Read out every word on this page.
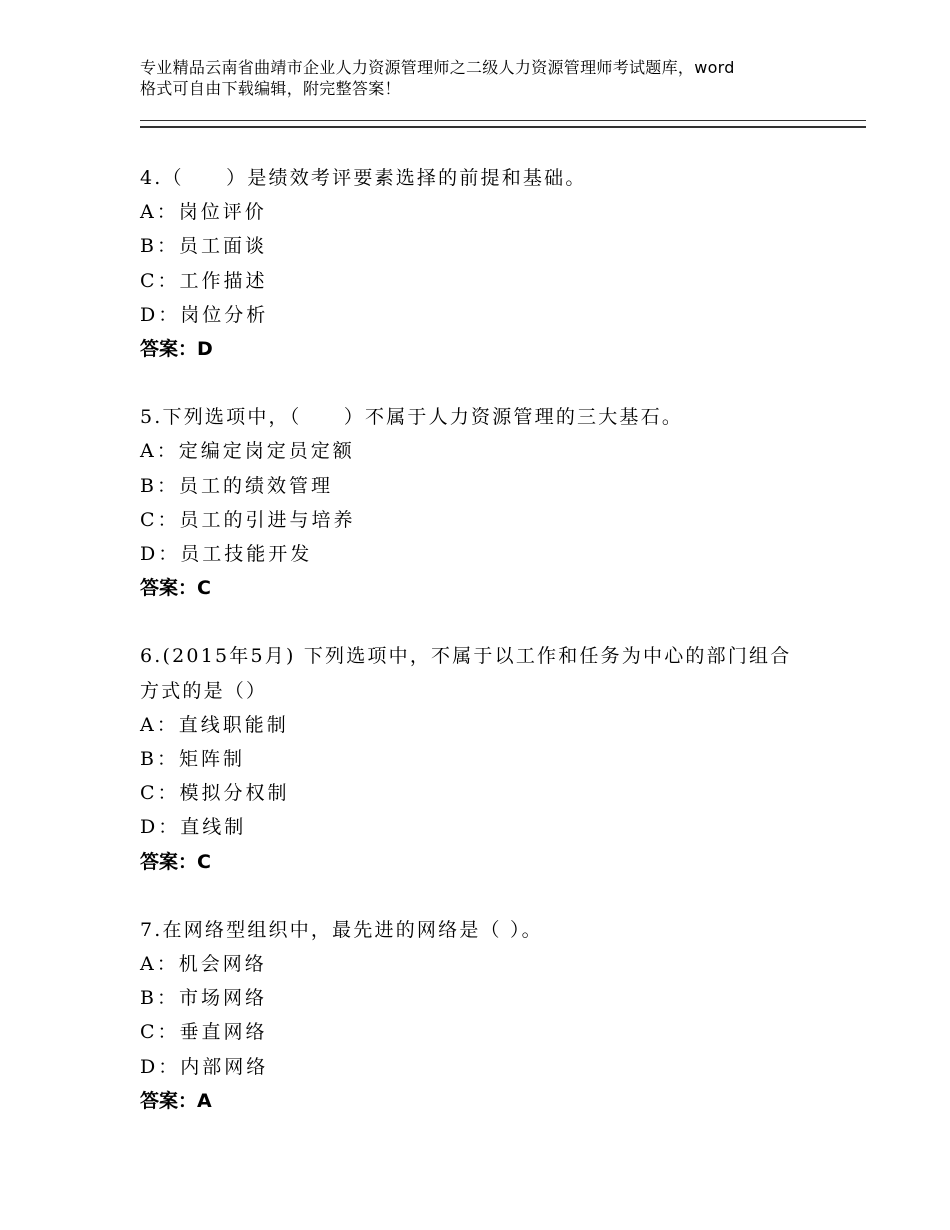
专业精品云南省曲靖市企业人力资源管理师之二级人力资源管理师考试题库，word
格式可自由下载编辑，附完整答案！
4.（　　）是绩效考评要素选择的前提和基础。
A：岗位评价
B：员工面谈
C：工作描述
D：岗位分析
答案：D
5.下列选项中，（　　）不属于人力资源管理的三大基石。
A：定编定岗定员定额
B：员工的绩效管理
C：员工的引进与培养
D：员工技能开发
答案：C
6.(2015年5月) 下列选项中，不属于以工作和任务为中心的部门组合
方式的是（）
A：直线职能制
B：矩阵制
C：模拟分权制
D：直线制
答案：C
7.在网络型组织中，最先进的网络是（ ）。
A：机会网络
B：市场网络
C：垂直网络
D：内部网络
答案：A
